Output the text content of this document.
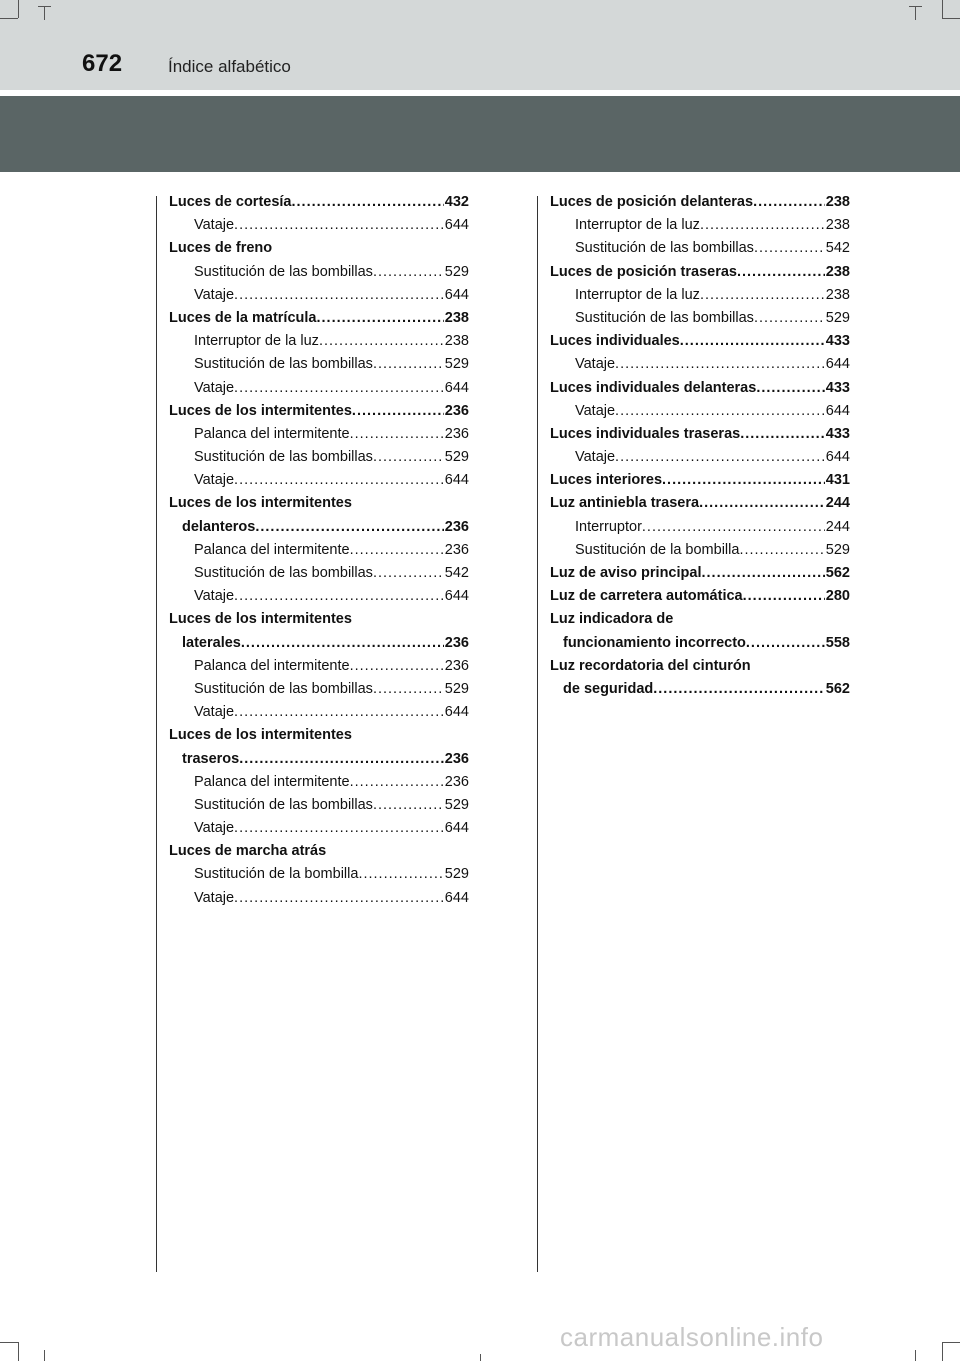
672	Índice alfabético
Luces de cortesía .....	432
Vataje .....	644
Luces de freno
Sustitución de las bombillas .....	529
Vataje .....	644
Luces de la matrícula .....	238
Interruptor de la luz .....	238
Sustitución de las bombillas .....	529
Vataje .....	644
Luces de los intermitentes .....	236
Palanca del intermitente .....	236
Sustitución de las bombillas .....	529
Vataje .....	644
Luces de los intermitentes
delanteros .....	236
Palanca del intermitente .....	236
Sustitución de las bombillas .....	542
Vataje .....	644
Luces de los intermitentes
laterales .....	236
Palanca del intermitente .....	236
Sustitución de las bombillas .....	529
Vataje .....	644
Luces de los intermitentes
traseros .....	236
Palanca del intermitente .....	236
Sustitución de las bombillas .....	529
Vataje .....	644
Luces de marcha atrás
Sustitución de la bombilla .....	529
Vataje .....	644
Luces de posición delanteras .....	238
Interruptor de la luz .....	238
Sustitución de las bombillas .....	542
Luces de posición traseras .....	238
Interruptor de la luz .....	238
Sustitución de las bombillas .....	529
Luces individuales .....	433
Vataje .....	644
Luces individuales delanteras .....	433
Vataje .....	644
Luces individuales traseras .....	433
Vataje .....	644
Luces interiores .....	431
Luz antiniebla trasera .....	244
Interruptor .....	244
Sustitución de la bombilla .....	529
Luz de aviso principal .....	562
Luz de carretera automática .....	280
Luz indicadora de
funcionamiento incorrecto .....	558
Luz recordatoria del cinturón
de seguridad .....	562
carmanualsonline.info
